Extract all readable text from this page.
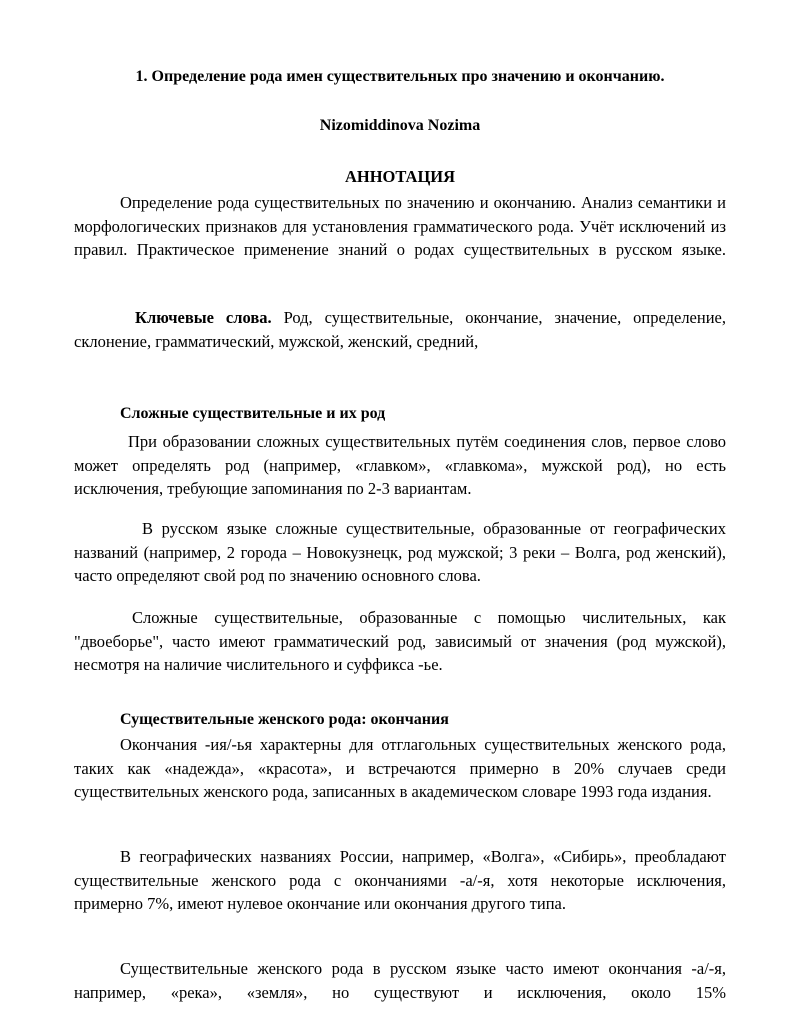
1. Определение рода имен существительных про значению и окончанию.
Nizomiddinova Nozima
АННОТАЦИЯ

Определение рода существительных по значению и окончанию. Анализ семантики и морфологических признаков для установления грамматического рода. Учёт исключений из правил. Практическое применение знаний о родах существительных в русском языке.

Ключевые слова. Род, существительные, окончание, значение, определение, склонение, грамматический, мужской, женский, средний,

Сложные существительные и их род

При образовании сложных существительных путём соединения слов, первое слово может определять род (например, «главком», «главкома», мужской род), но есть исключения, требующие запоминания по 2-3 вариантам.

В русском языке сложные существительные, образованные от географических названий (например, 2 города – Новокузнецк, род мужской; 3 реки – Волга, род женский), часто определяют свой род по значению основного слова.

Сложные существительные, образованные с помощью числительных, как "двоеборье", часто имеют грамматический род, зависимый от значения (род мужской), несмотря на наличие числительного и суффикса -ье.

Существительные женского рода: окончания

Окончания -ия/-ья характерны для отглагольных существительных женского рода, таких как «надежда», «красота», и встречаются примерно в 20% случаев среди существительных женского рода, записанных в академическом словаре 1993 года издания.

В географических названиях России, например, «Волга», «Сибирь», преобладают существительные женского рода с окончаниями -а/-я, хотя некоторые исключения, примерно 7%, имеют нулевое окончание или окончания другого типа.

Существительные женского рода в русском языке часто имеют окончания -а/-я, например, «река», «земля», но существуют и исключения, около 15%
